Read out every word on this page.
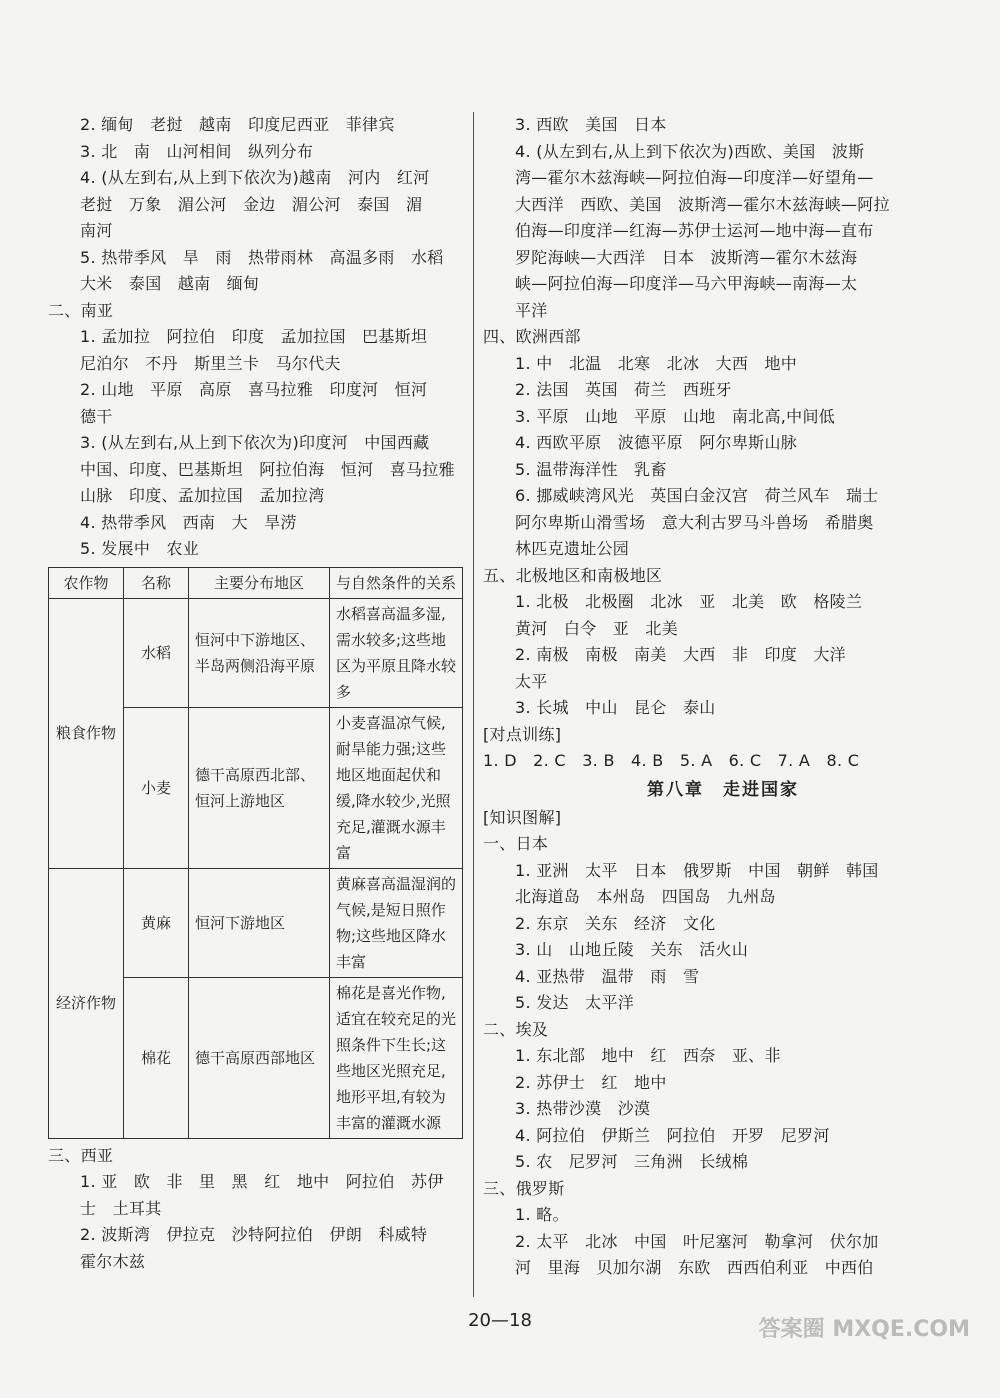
2. 缅甸　老挝　越南　印度尼西亚　菲律宾
3. 北　南　山河相间　纵列分布
4. (从左到右,从上到下依次为)越南　河内　红河
老挝　万象　湄公河　金边　湄公河　泰国　湄
南河
5. 热带季风　旱　雨　热带雨林　高温多雨　水稻
大米　泰国　越南　缅甸
二、南亚
1. 孟加拉　阿拉伯　印度　孟加拉国　巴基斯坦
尼泊尔　不丹　斯里兰卡　马尔代夫
2. 山地　平原　高原　喜马拉雅　印度河　恒河
德干
3. (从左到右,从上到下依次为)印度河　中国西藏
中国、印度、巴基斯坦　阿拉伯海　恒河　喜马拉雅
山脉　印度、孟加拉国　孟加拉湾
4. 热带季风　西南　大　旱涝
5. 发展中　农业
农作物	名称	主要分布地区	与自然条件的关系
粮食作物	水稻	恒河中下游地区、半岛两侧沿海平原	水稻喜高温多湿,需水较多;这些地区为平原且降水较多
	小麦	德干高原西北部、恒河上游地区	小麦喜温凉气候,耐旱能力强;这些地区地面起伏和缓,降水较少,光照充足,灌溉水源丰富
经济作物	黄麻	恒河下游地区	黄麻喜高温湿润的气候,是短日照作物;这些地区降水丰富
	棉花	德干高原西部地区	棉花是喜光作物,适宜在较充足的光照条件下生长;这些地区光照充足,地形平坦,有较为丰富的灌溉水源
三、西亚
1. 亚　欧　非　里　黑　红　地中　阿拉伯　苏伊
士　土耳其
2. 波斯湾　伊拉克　沙特阿拉伯　伊朗　科威特
霍尔木兹
3. 西欧　美国　日本
4. (从左到右,从上到下依次为)西欧、美国　波斯
湾—霍尔木兹海峡—阿拉伯海—印度洋—好望角—
大西洋　西欧、美国　波斯湾—霍尔木兹海峡—阿拉
伯海—印度洋—红海—苏伊士运河—地中海—直布
罗陀海峡—大西洋　日本　波斯湾—霍尔木兹海
峡—阿拉伯海—印度洋—马六甲海峡—南海—太
平洋
四、欧洲西部
1. 中　北温　北寒　北冰　大西　地中
2. 法国　英国　荷兰　西班牙
3. 平原　山地　平原　山地　南北高,中间低
4. 西欧平原　波德平原　阿尔卑斯山脉
5. 温带海洋性　乳畜
6. 挪威峡湾风光　英国白金汉宫　荷兰风车　瑞士
阿尔卑斯山滑雪场　意大利古罗马斗兽场　希腊奥
林匹克遗址公园
五、北极地区和南极地区
1. 北极　北极圈　北冰　亚　北美　欧　格陵兰
黄河　白令　亚　北美
2. 南极　南极　南美　大西　非　印度　大洋
太平
3. 长城　中山　昆仑　泰山
[对点训练]
1. D　2. C　3. B　4. B　5. A　6. C　7. A　8. C
第八章　走进国家
[知识图解]
一、日本
1. 亚洲　太平　日本　俄罗斯　中国　朝鲜　韩国
北海道岛　本州岛　四国岛　九州岛
2. 东京　关东　经济　文化
3. 山　山地丘陵　关东　活火山
4. 亚热带　温带　雨　雪
5. 发达　太平洋
二、埃及
1. 东北部　地中　红　西奈　亚、非
2. 苏伊士　红　地中
3. 热带沙漠　沙漠
4. 阿拉伯　伊斯兰　阿拉伯　开罗　尼罗河
5. 农　尼罗河　三角洲　长绒棉
三、俄罗斯
1. 略。
2. 太平　北冰　中国　叶尼塞河　勒拿河　伏尔加
河　里海　贝加尔湖　东欧　西西伯利亚　中西伯
20—18	答案圈 MXQE.COM
